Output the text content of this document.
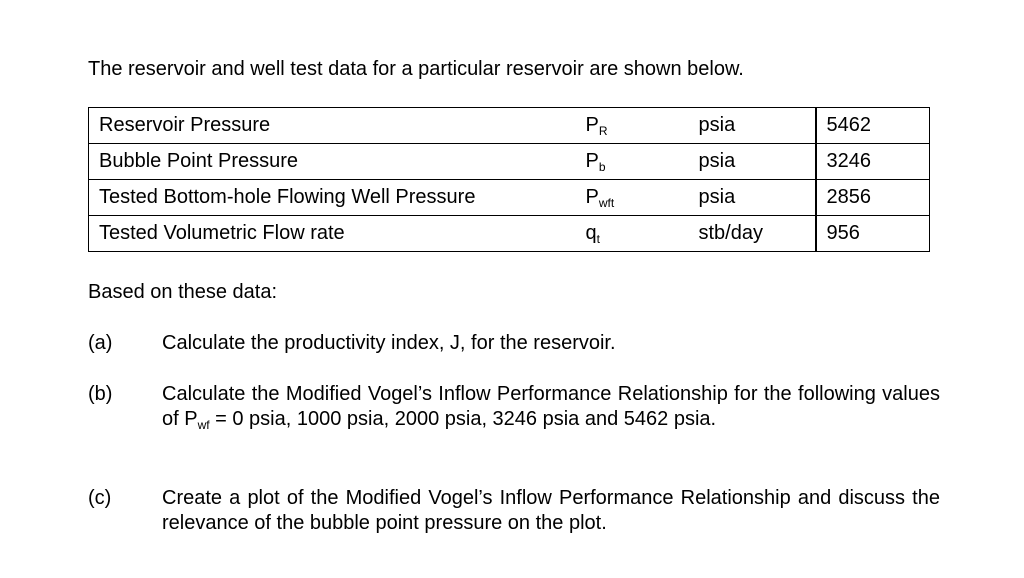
The reservoir and well test data for a particular reservoir are shown below.
Reservoir Pressure	$P_R$	psia	5462
Bubble Point Pressure	$P_b$	psia	3246
Tested Bottom-hole Flowing Well Pressure	$P_{wft}$	psia	2856
Tested Volumetric Flow rate	$q_t$	stb/day	956
Based on these data:
(a) Calculate the productivity index, J, for the reservoir.
(b) Calculate the Modified Vogel’s Inflow Performance Relationship for the following values of $P_{wf} = 0$ psia, 1000 psia, 2000 psia, 3246 psia and 5462 psia.
(c)	Create a plot of the Modified Vogel’s Inflow Performance Relationship and discuss the relevance of the bubble point pressure on the plot.
